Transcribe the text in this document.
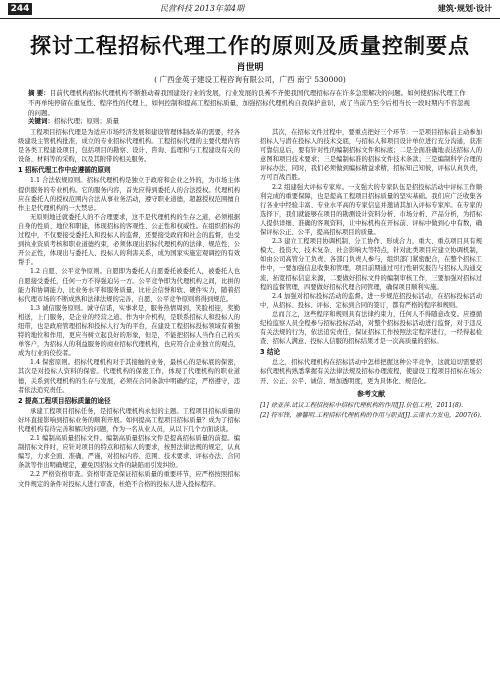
244	民营科技 2013年第4期	建筑·规划·设计
探讨工程招标代理工作的原则及质量控制要点
肖世明
( 广西金英子建设工程咨询有限公司，广西 南宁 530000)
摘 要：目前代理机构招标代理机构不断推动着我国建设行业的发展，行业发展的良莠不齐使我国代理招标存在许多急需解决的问题。如何使招标代理工作不再单纯停留在重复性、程序性的代理上，如何控制和提高工程招标质量，加强招标代理机构自我保护意识，成了当前乃至今后相当长一段时期内不容忽视的问题。
关键词：招标代理；原则；质量

工程项目招标代理是为适应市场经济发展和建设管理体制改革的需要，经各级建设主管机构批准，成立的专业招标代理机构。工程招标代理的主要代理内容是各类工程建设项目，包括项目的勘察、设计、咨询、监理和与工程建设有关的设备、材料等的采购，以及其附带的相关服务。

1 招标代理工作中应遵循的原则

1.1 合法依规原则。招标代理机构是独立于政府和企业之外的，为市场主体提供服务的专业机构。它的服务内容，首先应得到委托人的合法授权。代理机构应在委托人的授权范围内合法从事业务活动，遵守职业道德，超越授权范围擅自作主是代理机构的一大禁忌。

无原则地迁就委托人的不合理要求，这不是代理机构的生存之道，必须根据自身的性质、地位和职能，体现招标的客观性、公正性和权威性。在组织招标的过程中，不仅要接受委托人和投标人的监督，还要接受政府和社会的监督，也受到执业资质考核和职业道德约束，必须体现出招标代理机构的法律、规范性、公开公正性，体现出与委托人、投标人的利害关系，成为国家实施宏观调控的有效帮手。

1.2 自愿、公平竞争原则。自愿即为委托人自愿委托被委托人，被委托人也自愿接受委托，任何一方不得强迫另一方。公平竞争即为代理机构之间，比拼的能力和协调能力，比业务水平和服务质量，比社会信誉和软、硬件实力，随着招标代理市场的不断成熟和法律法规的完善，自愿、公平竞争原则将得到规范。

1.3 诚信服务原则。诚守信诺，实事求是，服务热情周到，笑脸相迎，奖勤相送，上门服务，是企业的经营之道。作为中介机构，是联系招标人和投标人的纽带，也是政府管理招标和投标人行为的平台，在建设工程招标投标领域有着独特的地位和作用，更应当树立起良好的形象，但是，不能把招标人当作自己的买单客户，为招标人的利益服务的商业招标代理机构，也应符合企业独立的观点，成为行业的佼佼者。

1.4 保密原则。招标代理机构对于其接触的业务，最核心的是标底的保密，其次是对投标人资料的保密。代理机构的保密工作，体现了代理机构的职业道德，关系到代理机构的生存与发展，必须在合同条款中明确约定，严格遵守，违者依法追究责任。

2 提高工程项目招标质量的途径

承建工程项目招标任务，是招标代理机构永恒的主题。工程项目招标质量的好坏直接影响到招标业务的顺利开展。如何提高工程项目招标质量？成为了招标代理机构有待完善和解决的问题，作为一名从业人员，从以下几个方面谈谈。

2.1 编制高质量招标文件。编制高质量招标文件是提高招标质量的前提。编制招标文件时，应针对项目的特点和招标人的要求，按照法律法规的规定，认真编写，力求全面、准确、严谨，对招标内容、范围、技术要求、评标办法、合同条款等作出明确规定，避免因招标文件的缺陷而引发纠纷。

2.2 严格资格审查。资格审查是保证招标质量的重要环节，应严格按照招标文件规定的条件对投标人进行审查，杜绝不合格的投标人进入投标程序。

其次，在招标文件过程中，要重点把好三个环节：一是项目招标前主动参加招标人与潜在投标人的技术交底，与招标人和项目设计单位进行充分沟通，获准可靠信息后，要有针对性的编制招标文件和标底；二是全面准确地表达招标人的意图和项目技术要求；三是编制标准的招标文件技术条款；三是编制科学合理的评标办法，同时，我们必须做到编标精益求精，招标知己知彼，评标认真负责，方可百战百胜。

2.2 组建强大评标专家库。一支强大的专家队伍是招投标活动中评标工作顺利完成的重要保障，也是提高工程项目招标质量的坚实基础。我们应广泛收集各行各业中经验丰富、专业水平高的专家信息并邀请其加入评标专家库。在专家的选择下，我们就能够在项目的勘测设计资料分析、市场分析、产品分析，为招标人提供详细、准确的客观资料，让中标机构在开标前、评标中做到心中有数，确保评标公正、公平，提高招标项目的质量。

2.3 建立工程项目协调机制、分工协作、形成合力，重大、重点项目具有规模大、投资大、技术复杂、社会影响大等特点，针对此类项目应建立协调机制，如由公司高管分工负责、各部门负责人参与，组织部门紧密配合，在整个招标工作中，一要加强信息收集和管理，项目前期通过可行性研究报告与招标人沟通交流，拓宽招标信息来源，二要做好招标文件的编制审核工作，三要加强对招标过程的监督管理，四要做好招标代理合同管理，确保项目顺利实施。

2.4 加强对招标投标活动的监督。进一步规范招投标活动，在招标投标活动中，从招标、投标、评标、定标到合同的签订，都有严格的程序和规则。

总而言之，这些程序和规则具有法律约束力，任何人不得随意改变。应遵循纪检监察人员全程参与招标投标活动，对整个招标投标活动进行监督，对于违反有关法规的行为，依法追究责任，保证招标工作按照法定程序进行，一经得起检查、招标人满意、投标人信服的招标结果才是一次高质量的招标。

3 结论

总之，招标代理机构在招标活动中怎样把握这种公平竞争，这就迫切需要招标代理机构熟悉掌握有关法律法规及招标办理流程，使建设工程项目招标在场公开、公正、公平、诚信、增加透明度，更为具体化、规范化。

参考文献
[1] 徐亚萍.试议工程招投标中招标代理机构的作用[J].价值工程，2011(8).
[2] 符军锋，廖馨明.工程招标代理机构的作用与职责[J].云南水力发电，2007(6).
